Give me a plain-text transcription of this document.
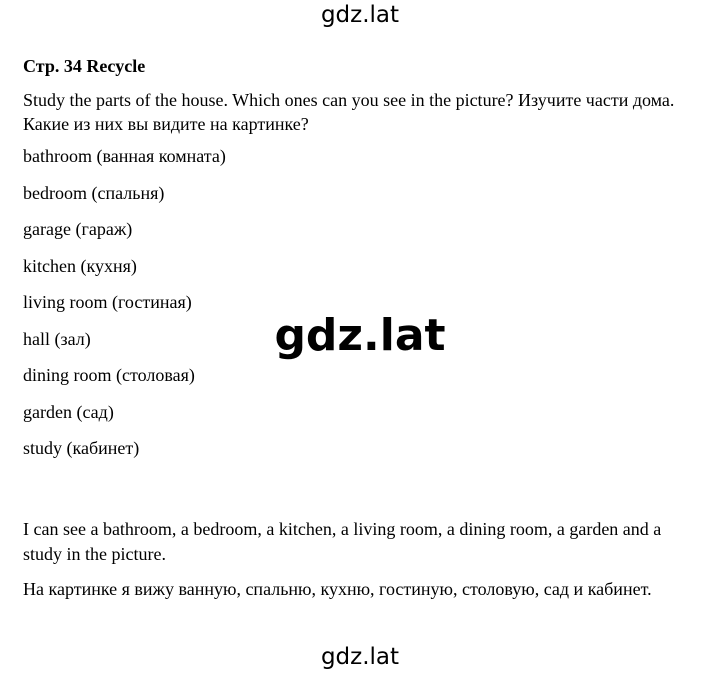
gdz.lat

Стр. 34 Recycle

Study the parts of the house. Which ones can you see in the picture? Изучите части дома. Какие из них вы видите на картинке?

bathroom (ванная комната)
bedroom (спальня)
garage (гараж)
kitchen (кухня)
living room (гостиная)
hall (зал)
dining room (столовая)
garden (сад)
study (кабинет)
gdz.lat

I can see a bathroom, a bedroom, a kitchen, a living room, a dining room, a garden and a study in the picture.

На картинке я вижу ванную, спальню, кухню, гостиную, столовую, сад и кабинет.

gdz.lat
